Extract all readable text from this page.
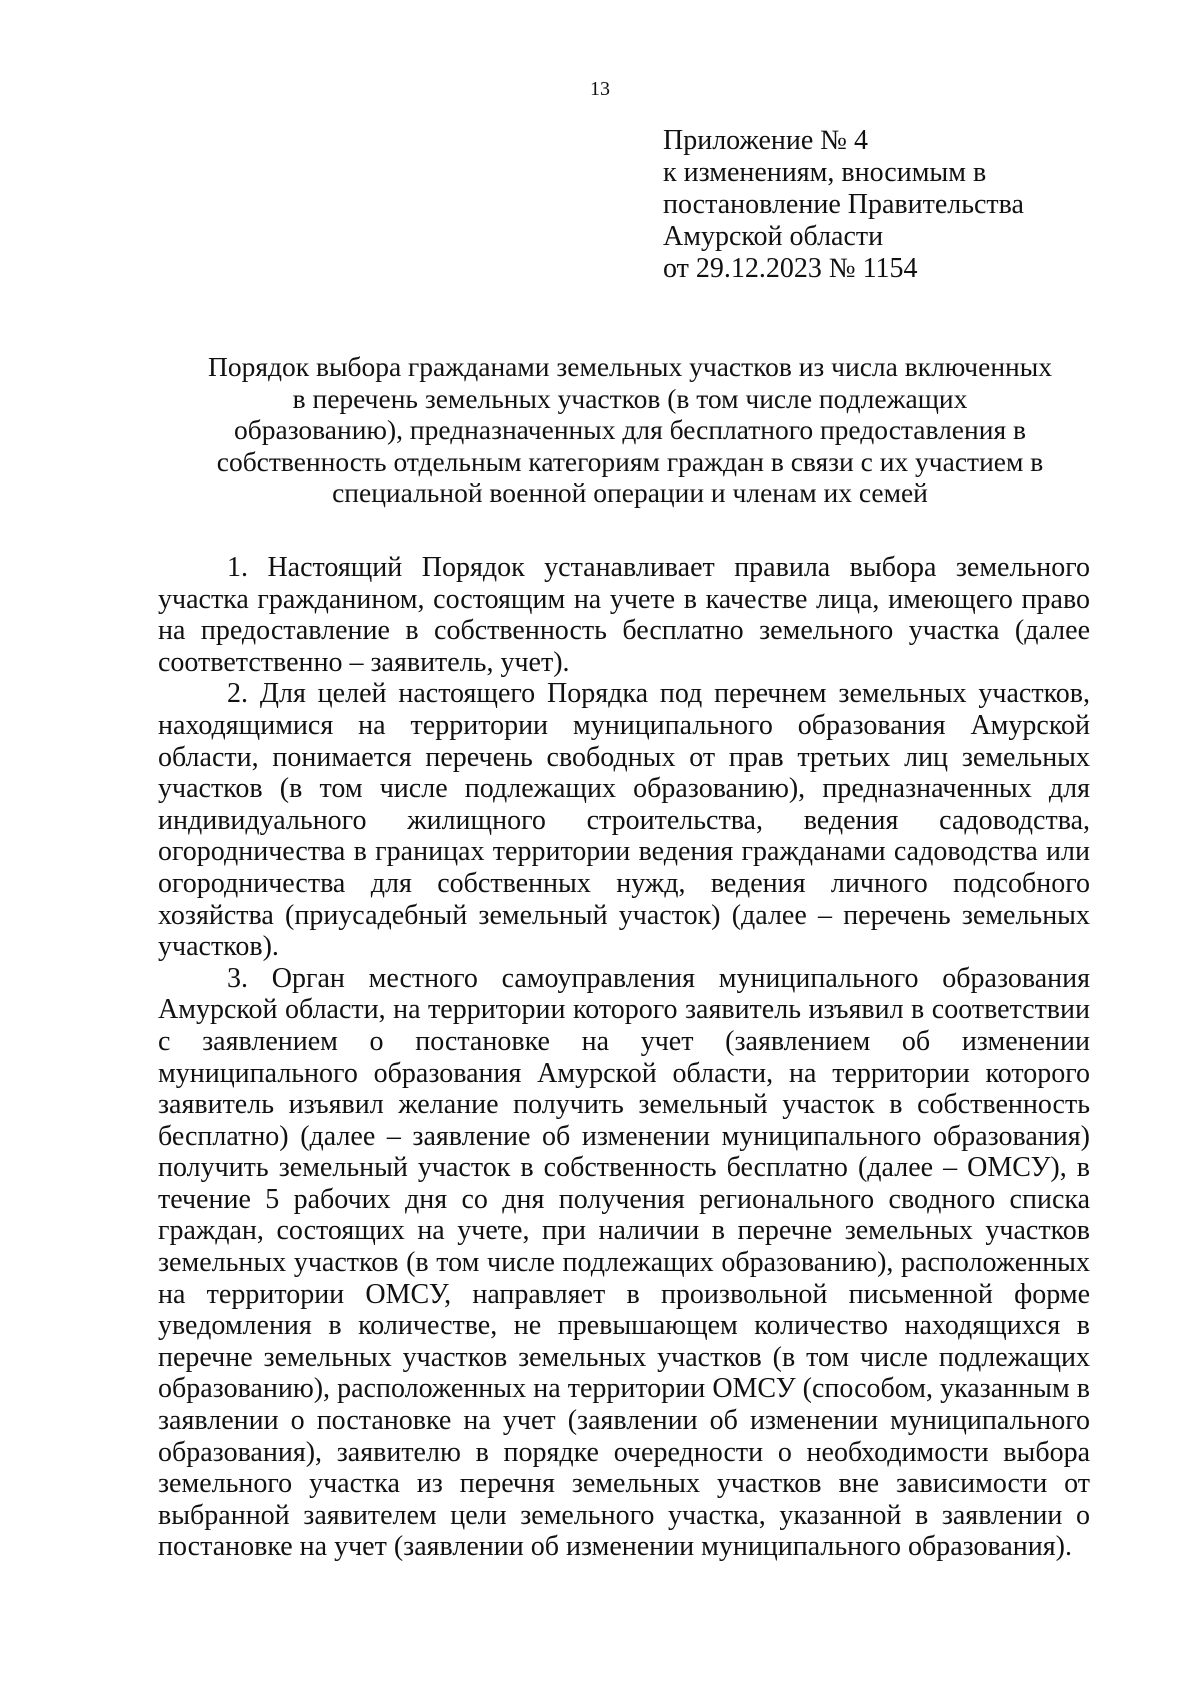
13
Приложение № 4
к изменениям, вносимым в
постановление Правительства
Амурской области
от 29.12.2023 № 1154
Порядок выбора гражданами земельных участков из числа включенных
в перечень земельных участков (в том числе подлежащих
образованию), предназначенных для бесплатного предоставления в
собственность отдельным категориям граждан в связи с их участием в
специальной военной операции и членам их семей

1. Настоящий Порядок устанавливает правила выбора земельного участка гражданином, состоящим на учете в качестве лица, имеющего право на предоставление в собственность бесплатно земельного участка (далее соответственно – заявитель, учет).

2. Для целей настоящего Порядка под перечнем земельных участков, находящимися на территории муниципального образования Амурской области, понимается перечень свободных от прав третьих лиц земельных участков (в том числе подлежащих образованию), предназначенных для индивидуального жилищного строительства, ведения садоводства, огородничества в границах территории ведения гражданами садоводства или огородничества для собственных нужд, ведения личного подсобного хозяйства (приусадебный земельный участок) (далее – перечень земельных участков).

3. Орган местного самоуправления муниципального образования Амурской области, на территории которого заявитель изъявил в соответствии с заявлением о постановке на учет (заявлением об изменении муниципального образования Амурской области, на территории которого заявитель изъявил желание получить земельный участок в собственность бесплатно) (далее – заявление об изменении муниципального образования) получить земельный участок в собственность бесплатно (далее – ОМСУ), в течение 5 рабочих дня со дня получения регионального сводного списка граждан, состоящих на учете, при наличии в перечне земельных участков земельных участков (в том числе подлежащих образованию), расположенных на территории ОМСУ, направляет в произвольной письменной форме уведомления в количестве, не превышающем количество находящихся в перечне земельных участков земельных участков (в том числе подлежащих образованию), расположенных на территории ОМСУ (способом, указанным в заявлении о постановке на учет (заявлении об изменении муниципального образования), заявителю в порядке очередности о необходимости выбора земельного участка из перечня земельных участков вне зависимости от выбранной заявителем цели земельного участка, указанной в заявлении о постановке на учет (заявлении об изменении муниципального образования).
